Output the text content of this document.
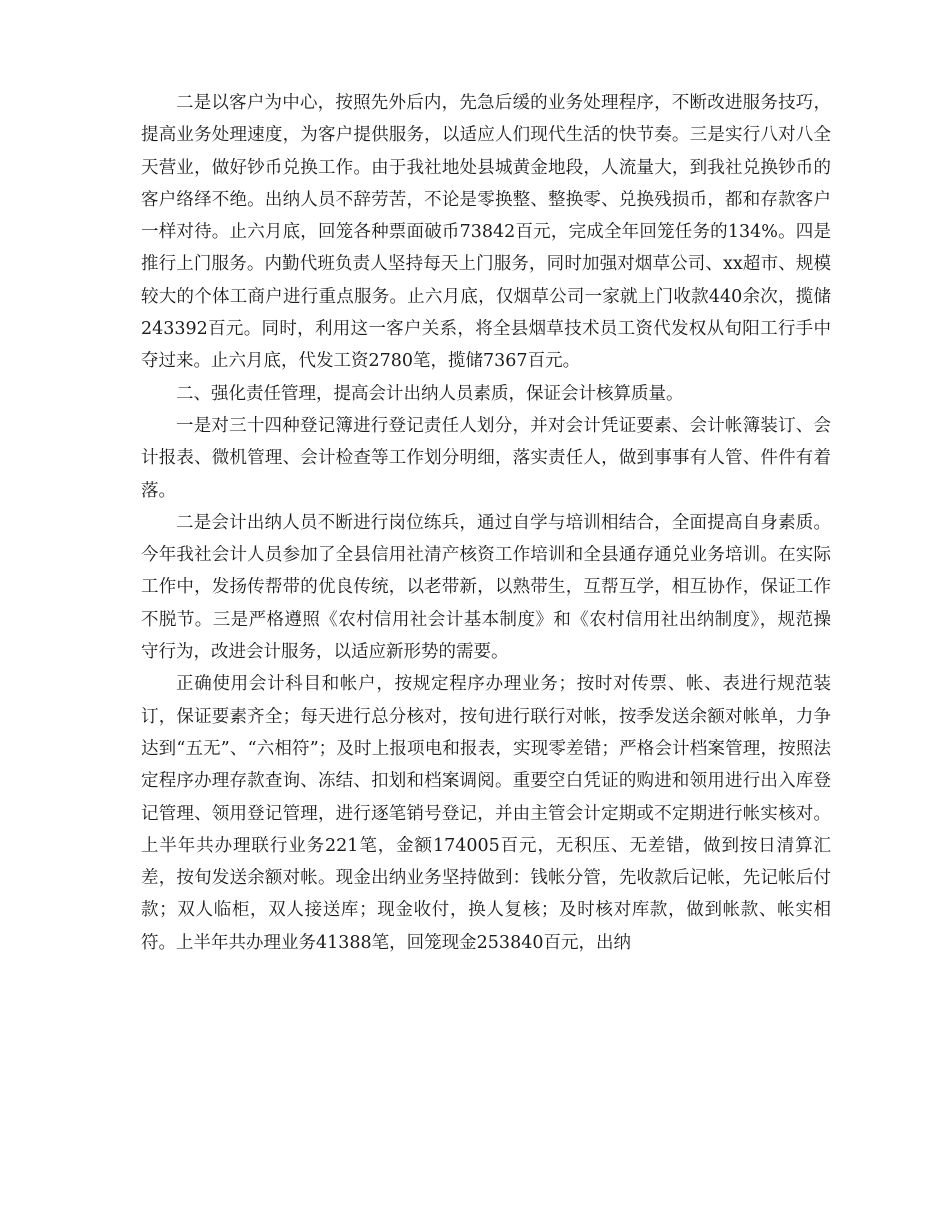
二是以客户为中心，按照先外后内，先急后缓的业务处理程序，不断改进服务技巧，提高业务处理速度，为客户提供服务，以适应人们现代生活的快节奏。三是实行八对八全天营业，做好钞币兑换工作。由于我社地处县城黄金地段，人流量大，到我社兑换钞币的客户络绎不绝。出纳人员不辞劳苦，不论是零换整、整换零、兑换残损币，都和存款客户一样对待。止六月底，回笼各种票面破币73842百元，完成全年回笼任务的134%。四是推行上门服务。内勤代班负责人坚持每天上门服务，同时加强对烟草公司、xx超市、规模较大的个体工商户进行重点服务。止六月底，仅烟草公司一家就上门收款440余次，揽储243392百元。同时，利用这一客户关系，将全县烟草技术员工资代发权从旬阳工行手中夺过来。止六月底，代发工资2780笔，揽储7367百元。

二、强化责任管理，提高会计出纳人员素质，保证会计核算质量。

一是对三十四种登记簿进行登记责任人划分，并对会计凭证要素、会计帐簿装订、会计报表、微机管理、会计检查等工作划分明细，落实责任人，做到事事有人管、件件有着落。

二是会计出纳人员不断进行岗位练兵，通过自学与培训相结合，全面提高自身素质。今年我社会计人员参加了全县信用社清产核资工作培训和全县通存通兑业务培训。在实际工作中，发扬传帮带的优良传统，以老带新，以熟带生，互帮互学，相互协作，保证工作不脱节。三是严格遵照《农村信用社会计基本制度》和《农村信用社出纳制度》，规范操守行为，改进会计服务，以适应新形势的需要。

正确使用会计科目和帐户，按规定程序办理业务；按时对传票、帐、表进行规范装订，保证要素齐全；每天进行总分核对，按旬进行联行对帐，按季发送余额对帐单，力争达到“五无”、“六相符”；及时上报项电和报表，实现零差错；严格会计档案管理，按照法定程序办理存款查询、冻结、扣划和档案调阅。重要空白凭证的购进和领用进行出入库登记管理、领用登记管理，进行逐笔销号登记，并由主管会计定期或不定期进行帐实核对。上半年共办理联行业务221笔，金额174005百元，无积压、无差错，做到按日清算汇差，按旬发送余额对帐。现金出纳业务坚持做到：钱帐分管，先收款后记帐，先记帐后付款；双人临柜，双人接送库；现金收付，换人复核；及时核对库款，做到帐款、帐实相符。上半年共办理业务41388笔，回笼现金253840百元，出纳
